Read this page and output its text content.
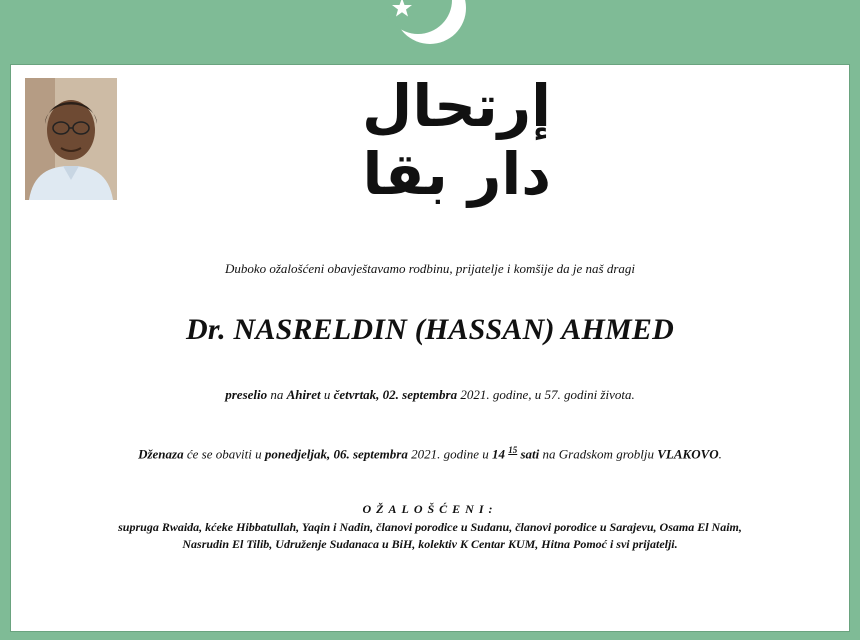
إرتحال دار بقا
Duboko ožalošćeni obavještavamo rodbinu, prijatelje i komšije da je naš dragi
Dr. NASRELDIN (HASSAN) AHMED
preselio na Ahiret u četvrtak, 02. septembra 2021. godine, u 57. godini života.
Dženaza će se obaviti u ponedjeljak, 06. septembra 2021. godine u 14 $^{15}$ sati na Gradskom groblju VLAKOVO.
OŽALOŠĆENI:
supruga Rwaida, kćeke Hibbatullah, Yaqin i Nadin, članovi porodice u Sudanu, članovi porodice u Sarajevu, Osama El Naim,
Nasrudin El Tilib, Udruženje Sudanaca u BiH, kolektiv K Centar KUM, Hitna Pomoć i svi prijatelji.
